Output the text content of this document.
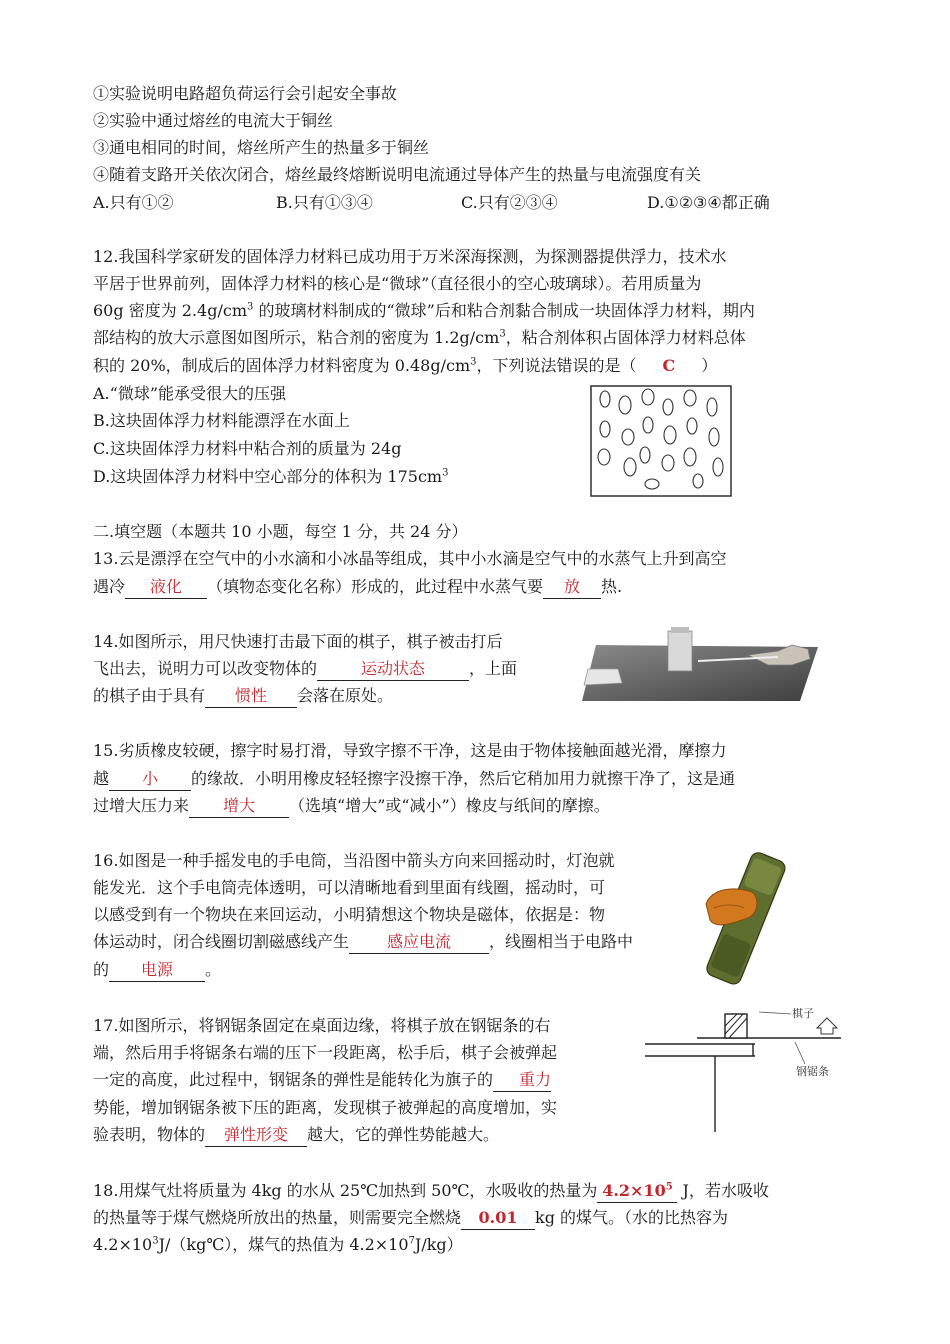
①实验说明电路超负荷运行会引起安全事故
②实验中通过熔丝的电流大于铜丝
③通电相同的时间，熔丝所产生的热量多于铜丝
④随着支路开关依次闭合，熔丝最终熔断说明电流通过导体产生的热量与电流强度有关
A.只有①②	B.只有①③④	C.只有②③④	D.①②③④都正确
12.我国科学家研发的固体浮力材料已成功用于万米深海探测，为探测器提供浮力，技术水
平居于世界前列，固体浮力材料的核心是“微球”（直径很小的空心玻璃球）。若用质量为
60g 密度为 $2.4g/cm^3$ 的玻璃材料制成的“微球”后和粘合剂黏合制成一块固体浮力材料，期内
部结构的放大示意图如图所示，粘合剂的密度为 $1.2g/cm^3$，粘合剂体积占固体浮力材料总体
积的 20%，制成后的固体浮力材料密度为 $0.48g/cm^3$，下列说法错误的是（ C ）
A.“微球”能承受很大的压强
B.这块固体浮力材料能漂浮在水面上
C.这块固体浮力材料中粘合剂的质量为 24g
D.这块固体浮力材料中空心部分的体积为 $175cm^3$
二.填空题（本题共 10 小题，每空 1 分，共 24 分）
13.云是漂浮在空气中的小水滴和小冰晶等组成，其中小水滴是空气中的水蒸气上升到高空
遇冷 液化 （填物态变化名称）形成的，此过程中水蒸气要 放 热.
14.如图所示，用尺快速打击最下面的棋子，棋子被击打后
飞出去，说明力可以改变物体的	运动状态	，上面
的棋子由于具有 惯性 会落在原处。
15.劣质橡皮较硬，擦字时易打滑，导致字擦不干净，这是由于物体接触面越光滑，摩擦力
越 小 的缘故．小明用橡皮轻轻擦字没擦干净，然后它稍加用力就擦干净了，这是通
过增大压力来 增大 （选填“增大”或“减小”）橡皮与纸间的摩擦。
16.如图是一种手摇发电的手电筒，当沿图中箭头方向来回摇动时，灯泡就
能发光．这个手电筒壳体透明，可以清晰地看到里面有线圈，摇动时，可
以感受到有一个物块在来回运动，小明猜想这个物块是磁体，依据是：物
体运动时，闭合线圈切割磁感线产生 感应电流 ，线圈相当于电路中
的 电源 。
17.如图所示，将钢锯条固定在桌面边缘，将棋子放在钢锯条的右
端，然后用手将锯条右端的压下一段距离，松手后，棋子会被弹起
一定的高度，此过程中，钢锯条的弹性是能转化为旗子的 重力
势能，增加钢锯条被下压的距离，发现棋子被弹起的高度增加，实
验表明，物体的 弹性形变 越大，它的弹性势能越大。
棋子
钢锯条
18.用煤气灶将质量为 4kg 的水从 25℃加热到 50℃，水吸收的热量为 $4.2\times 10^5$ J，若水吸收
的热量等于煤气燃烧所放出的热量，则需要完全燃烧 0.01 kg 的煤气。（水的比热容为
$4.2\times 10^3J/(kg℃)$，煤气的热值为 $4.2\times 10^7J/kg$）
